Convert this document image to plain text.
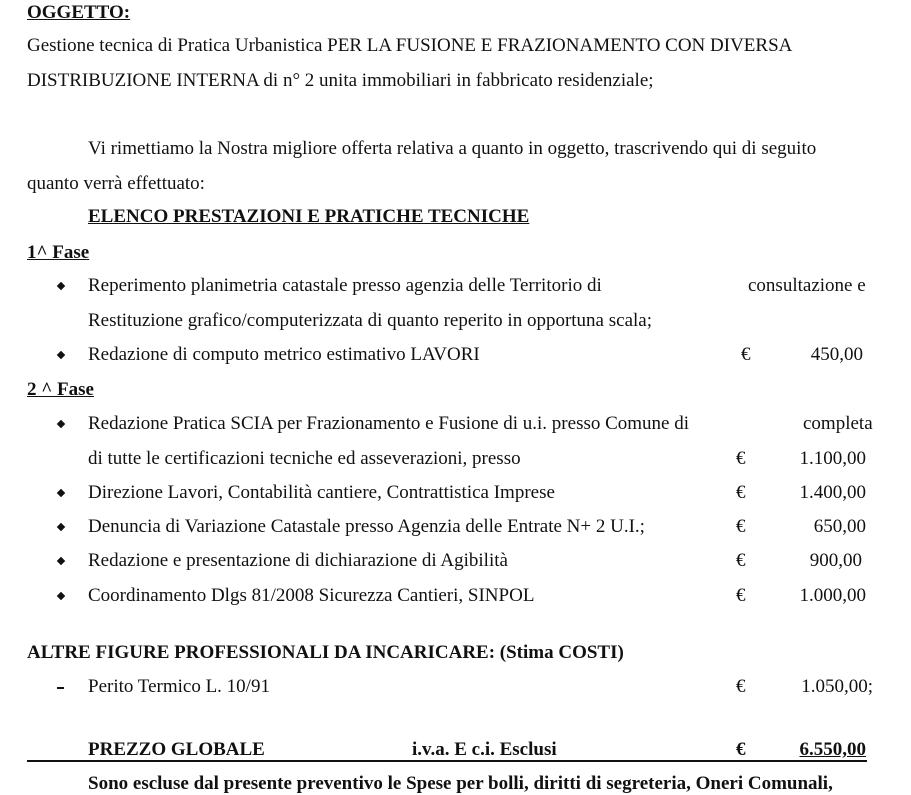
OGGETTO:
Gestione tecnica di Pratica Urbanistica PER LA FUSIONE E FRAZIONAMENTO CON DIVERSA
DISTRIBUZIONE INTERNA di n° 2 unita immobiliari in fabbricato residenziale;
Vi rimettiamo la Nostra migliore offerta relativa a quanto in oggetto, trascrivendo qui di seguito
quanto verrà effettuato:
ELENCO PRESTAZIONI E PRATICHE TECNICHE
1^ Fase
Reperimento planimetria catastale presso agenzia delle Territorio di	consultazione e
Restituzione grafico/computerizzata di quanto reperito in opportuna scala;
Redazione di computo metrico estimativo LAVORI	€	450,00
2 ^ Fase
Redazione Pratica SCIA per Frazionamento e Fusione di u.i. presso Comune di	completa
di tutte le certificazioni tecniche ed asseverazioni, presso	€	1.100,00
Direzione Lavori, Contabilità cantiere, Contrattistica Imprese	€	1.400,00
Denuncia di Variazione Catastale presso Agenzia delle Entrate N+ 2 U.I.;	€	650,00
Redazione e presentazione di dichiarazione di Agibilità	€	900,00
Coordinamento Dlgs 81/2008 Sicurezza Cantieri, SINPOL	€	1.000,00
ALTRE FIGURE PROFESSIONALI DA INCARICARE: (Stima COSTI)
Perito Termico L. 10/91	€	1.050,00;
PREZZO GLOBALE	i.v.a. E c.i. Esclusi	€	6.550,00
Sono escluse dal presente preventivo le Spese per bolli, diritti di segreteria, Oneri Comunali,
